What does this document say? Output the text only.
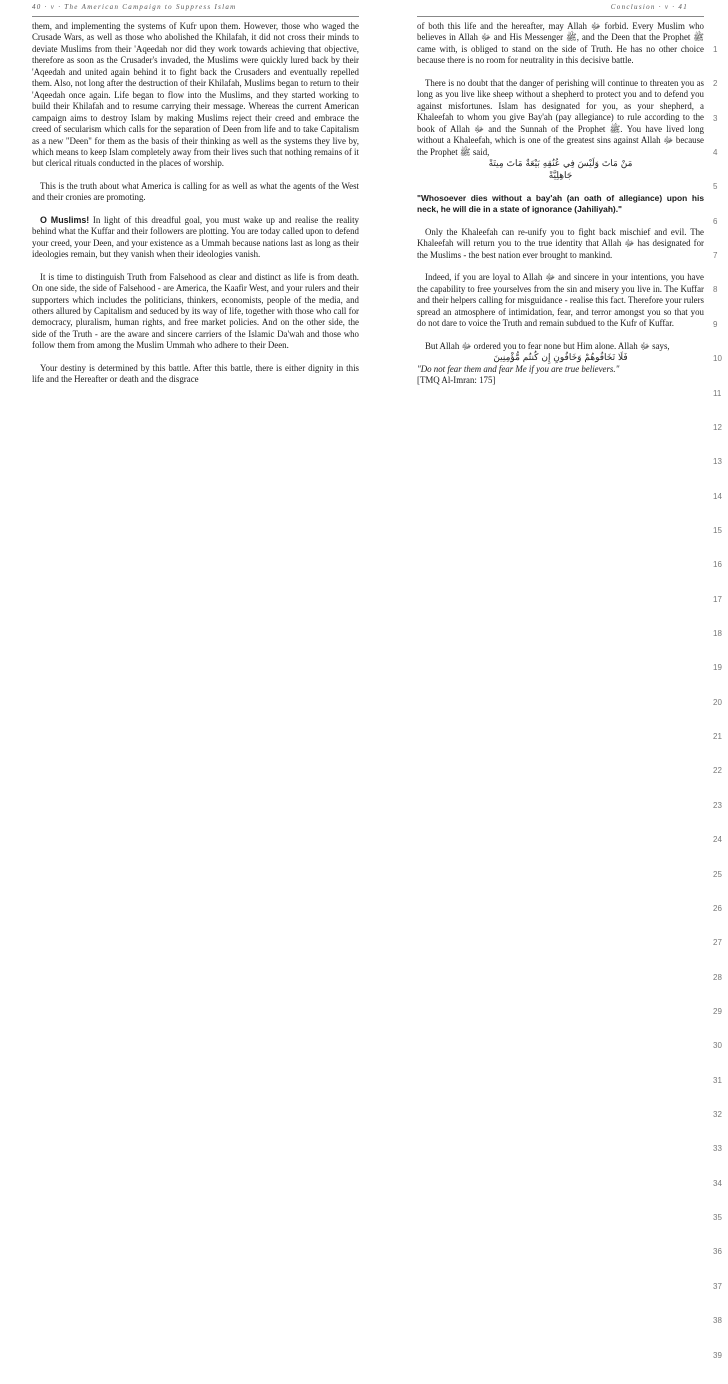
40 · v · The American Campaign to Suppress Islam	Conclusion · v · 41

them, and implementing the systems of Kufr upon them. However, those who waged the Crusade Wars, as well as those who abolished the Khilafah, it did not cross their minds to deviate Muslims from their 'Aqeedah nor did they work towards achieving that objective, therefore as soon as the Crusader's invaded, the Muslims were quickly lured back by their 'Aqeedah and united again behind it to fight back the Crusaders and eventually repelled them. Also, not long after the destruction of their Khilafah, Muslims began to return to their 'Aqeedah once again. Life began to flow into the Muslims, and they started working to build their Khilafah and to resume carrying their message. Whereas the current American campaign aims to destroy Islam by making Muslims reject their creed and embrace the creed of secularism which calls for the separation of Deen from life and to take Capitalism as a new "Deen" for them as the basis of their thinking as well as the systems they live by, which means to keep Islam completely away from their lives such that nothing remains of it but clerical rituals conducted in the places of worship.

This is the truth about what America is calling for as well as what the agents of the West and their cronies are promoting.

O Muslims! In light of this dreadful goal, you must wake up and realise the reality behind what the Kuffar and their followers are plotting. You are today called upon to defend your creed, your Deen, and your existence as a Ummah because nations last as long as their ideologies remain, but they vanish when their ideologies vanish.

It is time to distinguish Truth from Falsehood as clear and distinct as life is from death. On one side, the side of Falsehood - are America, the Kaafir West, and your rulers and their supporters which includes the politicians, thinkers, economists, people of the media, and others allured by Capitalism and seduced by its way of life, together with those who call for democracy, pluralism, human rights, and free market policies. And on the other side, the side of the Truth - are the aware and sincere carriers of the Islamic Da'wah and those who follow them from among the Muslim Ummah who adhere to their Deen.

Your destiny is determined by this battle. After this battle, there is either dignity in this life and the Hereafter or death and the disgrace

of both this life and the hereafter, may Allah ﷻ forbid. Every Muslim who believes in Allah ﷻ and His Messenger ﷺ, and the Deen that the Prophet ﷺ came with, is obliged to stand on the side of Truth. He has no other choice because there is no room for neutrality in this decisive battle.

There is no doubt that the danger of perishing will continue to threaten you as long as you live like sheep without a shepherd to protect you and to defend you against misfortunes. Islam has designated for you, as your shepherd, a Khaleefah to whom you give Bay'ah (pay allegiance) to rule according to the book of Allah ﷻ and the Sunnah of the Prophet ﷺ. You have lived long without a Khaleefah, which is one of the greatest sins against Allah ﷻ because the Prophet ﷺ said,

مَنْ مَاتَ وَلَيْسَ فِي عُنُقِهِ بَيْعَةٌ مَاتَ مِيتَةً

جَاهِلِيَّةً

"Whosoever dies without a bay'ah (an oath of allegiance) upon his neck, he will die in a state of ignorance (Jahiliyah)."

Only the Khaleefah can re-unify you to fight back mischief and evil. The Khaleefah will return you to the true identity that Allah ﷻ has designated for the Muslims - the best nation ever brought to mankind.

Indeed, if you are loyal to Allah ﷻ and sincere in your intentions, you have the capability to free yourselves from the sin and misery you live in. The Kuffar and their helpers calling for misguidance - realise this fact. Therefore your rulers spread an atmosphere of intimidation, fear, and terror amongst you so that you do not dare to voice the Truth and remain subdued to the Kufr of Kuffar.

But Allah ﷻ ordered you to fear none but Him alone. Allah ﷻ says,

فَلَا تَخَافُوهُمْ وَخَافُونِ إِن كُنتُم مُّؤْمِنِينَ

"Do not fear them and fear Me if you are true believers."

[TMQ Al-Imran: 175]

1

2

3

4

5

6

7

8

9

10

11

12

13

14

15

16

17

18

19

20

21

22

23

24

25

26

27

28

29

30

31

32

33

34

35

36

37

38

39
